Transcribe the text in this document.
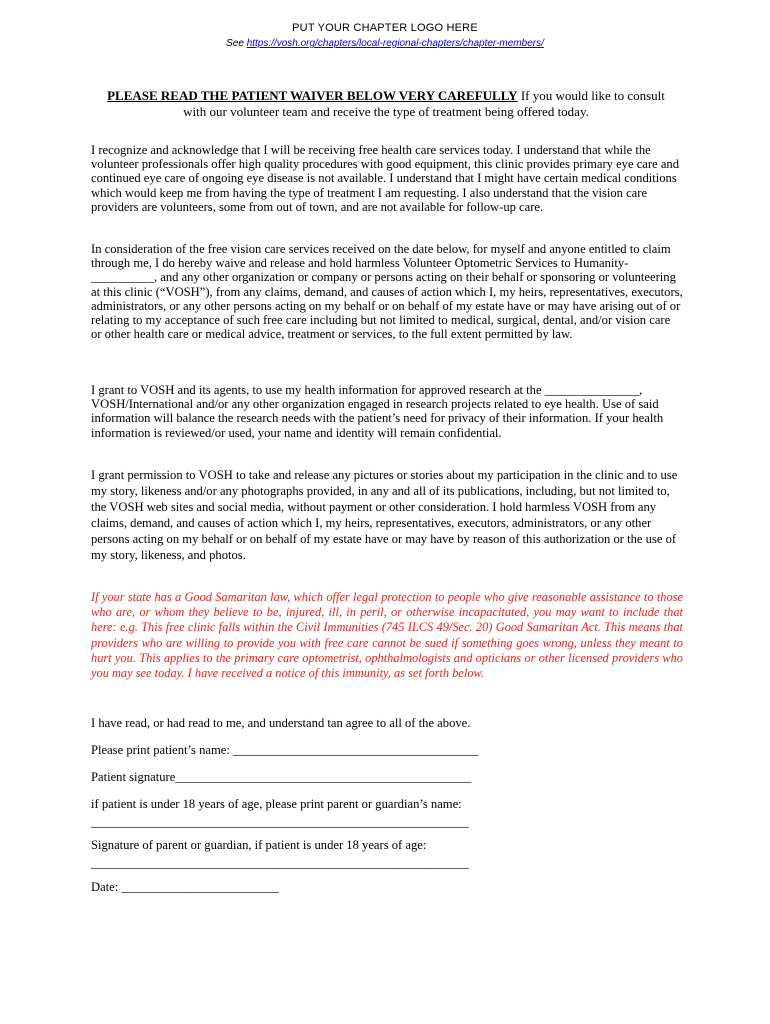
PUT YOUR CHAPTER LOGO HERE
See https://vosh.org/chapters/local-regional-chapters/chapter-members/
PLEASE READ THE PATIENT WAIVER BELOW VERY CAREFULLY If you would like to consult with our volunteer team and receive the type of treatment being offered today.
I recognize and acknowledge that I will be receiving free health care services today. I understand that while the volunteer professionals offer high quality procedures with good equipment, this clinic provides primary eye care and continued eye care of ongoing eye disease is not available. I understand that I might have certain medical conditions which would keep me from having the type of treatment I am requesting. I also understand that the vision care providers are volunteers, some from out of town, and are not available for follow-up care.
In consideration of the free vision care services received on the date below, for myself and anyone entitled to claim through me, I do hereby waive and release and hold harmless Volunteer Optometric Services to Humanity-__________, and any other organization or company or persons acting on their behalf or sponsoring or volunteering at this clinic (“VOSH”), from any claims, demand, and causes of action which I, my heirs, representatives, executors, administrators, or any other persons acting on my behalf or on behalf of my estate have or may have arising out of or relating to my acceptance of such free care including but not limited to medical, surgical, dental, and/or vision care or other health care or medical advice, treatment or services, to the full extent permitted by law.
I grant to VOSH and its agents, to use my health information for approved research at the _______________, VOSH/International and/or any other organization engaged in research projects related to eye health. Use of said information will balance the research needs with the patient’s need for privacy of their information. If your health information is reviewed/or used, your name and identity will remain confidential.
I grant permission to VOSH to take and release any pictures or stories about my participation in the clinic and to use my story, likeness and/or any photographs provided, in any and all of its publications, including, but not limited to, the VOSH web sites and social media, without payment or other consideration. I hold harmless VOSH from any claims, demand, and causes of action which I, my heirs, representatives, executors, administrators, or any other persons acting on my behalf or on behalf of my estate have or may have by reason of this authorization or the use of my story, likeness, and photos.
If your state has a Good Samaritan law, which offer legal protection to people who give reasonable assistance to those who are, or whom they believe to be, injured, ill, in peril, or otherwise incapacitated, you may want to include that here: e.g. This free clinic falls within the Civil Immunities (745 ILCS 49/Sec. 20) Good Samaritan Act. This means that providers who are willing to provide you with free care cannot be sued if something goes wrong, unless they meant to hurt you. This applies to the primary care optometrist, ophthalmologists and opticians or other licensed providers who you may see today. I have received a notice of this immunity, as set forth below.
I have read, or had read to me, and understand tan agree to all of the above.
Please print patient’s name: _______________________________________
Patient signature_______________________________________________
if patient is under 18 years of age, please print parent or guardian’s name:
____________________________________________________________
Signature of parent or guardian, if patient is under 18 years of age:
____________________________________________________________
Date: _________________________
